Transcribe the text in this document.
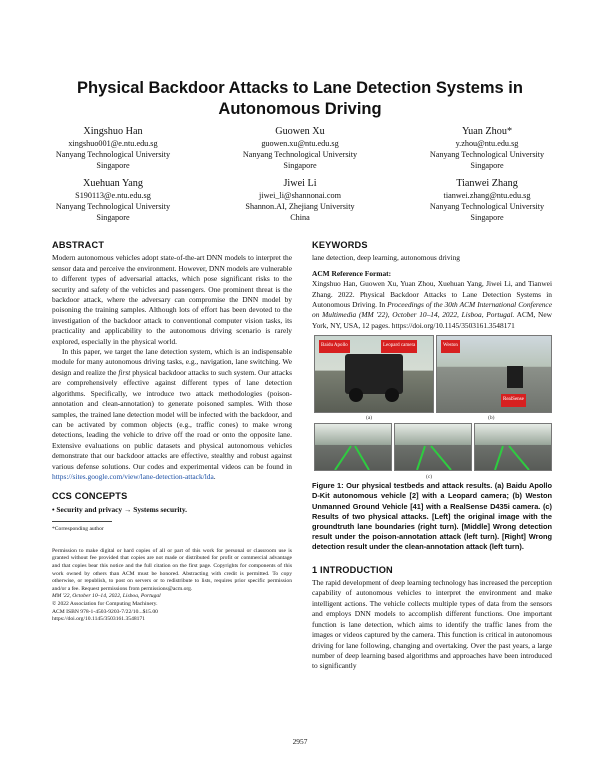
Physical Backdoor Attacks to Lane Detection Systems in Autonomous Driving
Xingshuo Han
xingshuo001@e.ntu.edu.sg
Nanyang Technological University
Singapore
Guowen Xu
guowen.xu@ntu.edu.sg
Nanyang Technological University
Singapore
Yuan Zhou*
y.zhou@ntu.edu.sg
Nanyang Technological University
Singapore
Xuehuan Yang
S190113@e.ntu.edu.sg
Nanyang Technological University
Singapore
Jiwei Li
jiwei_li@shannonai.com
Shannon.AI, Zhejiang University
China
Tianwei Zhang
tianwei.zhang@ntu.edu.sg
Nanyang Technological University
Singapore
ABSTRACT

Modern autonomous vehicles adopt state-of-the-art DNN models to interpret the sensor data and perceive the environment. However, DNN models are vulnerable to different types of adversarial attacks, which pose significant risks to the security and safety of the vehicles and passengers. One prominent threat is the backdoor attack, where the adversary can compromise the DNN model by poisoning the training samples. Although lots of effort has been devoted to the investigation of the backdoor attack to conventional computer vision tasks, its practicality and applicability to the autonomous driving scenario is rarely explored, especially in the physical world.

In this paper, we target the lane detection system, which is an indispensable module for many autonomous driving tasks, e.g., navigation, lane switching. We design and realize the first physical backdoor attacks to such system. Our attacks are comprehensively effective against different types of lane detection algorithms. Specifically, we introduce two attack methodologies (poison-annotation and clean-annotation) to generate poisoned samples. With those samples, the trained lane detection model will be infected with the backdoor, and can be activated by common objects (e.g., traffic cones) to make wrong detections, leading the vehicle to drive off the road or onto the opposite lane. Extensive evaluations on public datasets and physical autonomous vehicles demonstrate that our backdoor attacks are effective, stealthy and robust against various defense solutions. Our codes and experimental videos can be found in https://sites.google.com/view/lane-detection-attack/lda.

CCS CONCEPTS

• Security and privacy → Systems security.

*Corresponding author

Permission to make digital or hard copies of all or part of this work for personal or classroom use is granted without fee provided that copies are not made or distributed for profit or commercial advantage and that copies bear this notice and the full citation on the first page. Copyrights for components of this work owned by others than ACM must be honored. Abstracting with credit is permitted. To copy otherwise, or republish, to post on servers or to redistribute to lists, requires prior specific permission and/or a fee. Request permissions from permissions@acm.org.

MM '22, October 10–14, 2022, Lisboa, Portugal

© 2022 Association for Computing Machinery.

ACM ISBN 978-1-4503-9203-7/22/10...$15.00

https://doi.org/10.1145/3503161.3548171

KEYWORDS

lane detection, deep learning, autonomous driving

ACM Reference Format:

Xingshuo Han, Guowen Xu, Yuan Zhou, Xuehuan Yang, Jiwei Li, and Tianwei Zhang. 2022. Physical Backdoor Attacks to Lane Detection Systems in Autonomous Driving. In Proceedings of the 30th ACM International Conference on Multimedia (MM '22), October 10–14, 2022, Lisboa, Portugal. ACM, New York, NY, USA, 12 pages. https://doi.org/10.1145/3503161.3548171

Baidu Apollo	Leopard camera
(a)
Weston
RealSense
(b)
(c)

Figure 1: Our physical testbeds and attack results. (a) Baidu Apollo D-Kit autonomous vehicle [2] with a Leopard camera; (b) Weston Unmanned Ground Vehicle [41] with a RealSense D435i camera. (c) Results of two physical attacks. [Left] the original image with the groundtruth lane boundaries (right turn). [Middle] Wrong detection result under the poison-annotation attack (left turn). [Right] Wrong detection result under the clean-annotation attack (left turn).

1 INTRODUCTION

The rapid development of deep learning technology has increased the perception capability of autonomous vehicles to interpret the environment and make intelligent actions. The vehicle collects multiple types of data from the sensors and employs DNN models to accomplish different functions. One important function is lane detection, which aims to identify the traffic lanes from the images or videos captured by the camera. This function is critical in autonomous driving for lane following, changing and overtaking. Over the past years, a large number of deep learning based algorithms and approaches have been introduced to significantly

2957
